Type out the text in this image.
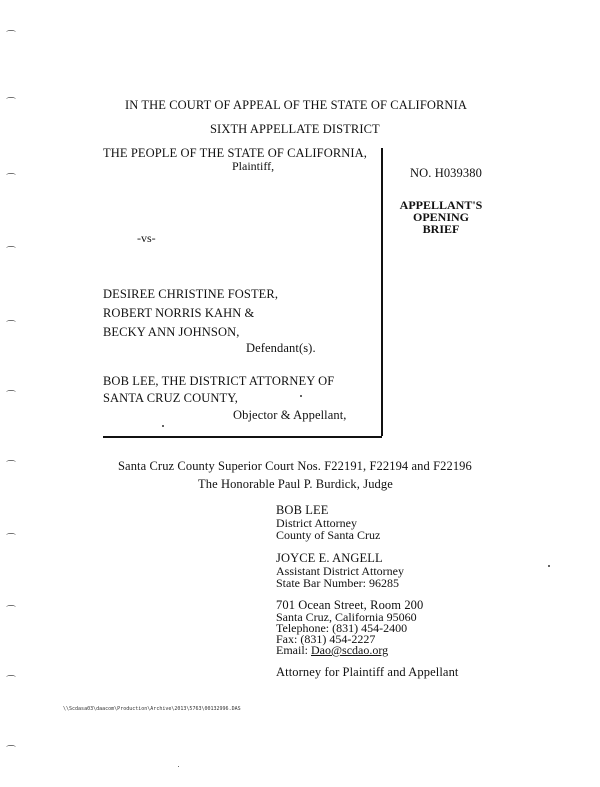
⌒
⌒
⌒
⌒
⌒
⌒
⌒
⌒
⌒
⌒
⌒
IN THE COURT OF APPEAL OF THE STATE OF CALIFORNIA
SIXTH APPELLATE DISTRICT
THE PEOPLE OF THE STATE OF CALIFORNIA,
Plaintiff,
-vs-
DESIREE CHRISTINE FOSTER,
ROBERT NORRIS KAHN &
BECKY ANN JOHNSON,
Defendant(s).
BOB LEE, THE DISTRICT ATTORNEY OF
SANTA CRUZ COUNTY,
Objector & Appellant,
NO. H039380
APPELLANT'S
OPENING
BRIEF
Santa Cruz County Superior Court Nos. F22191, F22194 and F22196
The Honorable Paul P. Burdick, Judge
BOB LEE
District Attorney
County of Santa Cruz
JOYCE E. ANGELL
Assistant District Attorney
State Bar Number: 96285
701 Ocean Street, Room 200
Santa Cruz, California 95060
Telephone: (831) 454-2400
Fax: (831) 454-2227
Email: Dao@scdao.org
Attorney for Plaintiff and Appellant
\\Scdasa03\daacom\Production\Archive\2013\5763\00132996.DAS
